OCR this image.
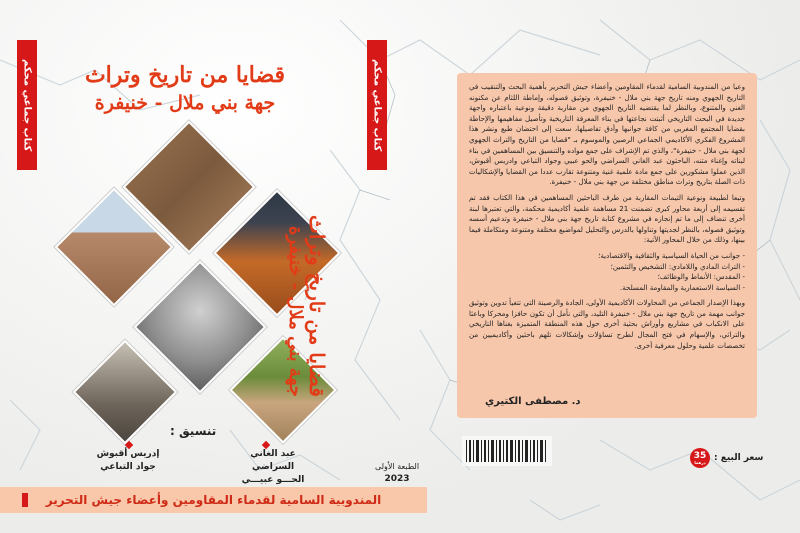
كتاب جماعي محكم	كتاب جماعي محكم
قضايا من تاريخ وتراث
جهة بني ملال - خنيفرة
قضايا من تاريخ وتراث
جهة بني ملال - خنيفرة
تنسيق :
عبد الغاني السراضي
الحـــو عبيـــي
إدريس أقبوش
جواد التباعي	الطبعة الأولى
2023
المندوبية السامية لقدماء المقاومين وأعضاء جيش التحرير

وعيا من المندوبية السامية لقدماء المقاومين وأعضاء جيش التحرير بأهمية البحث والتنقيب في التاريخ الجهوي ومنه تاريخ جهة بني ملال - خنيفرة، وتوثيق فصوله، وإماطة اللثام عن مكنونه الغني والمتنوع، وبالنظر لما يقتضيه التاريخ الجهوي من مقاربة دقيقة ونوعية باعتباره واجهة جديدة في البحث التاريخي أثبتت نجاعتها في بناء المعرفة التاريخية وتأصيل مفاهيمها والإحاطة بقضايا المجتمع المغربي من كافة جوانبها وأدق تفاصيلها، سعت إلى احتضان طبع ونشر هذا المشروع الفكري الأكاديمي الجماعي الرصين والموسوم بـ "قضايا من التاريخ والتراث الجهوي لجهة بني ملال - خنيفرة"، والذي تم الإشراف على جمع مواده والتنسيق بين المساهمين في بناء لبناته وإغناء متنه، الباحثون عبد الغاني السراضي والحو عبيي وجواد التباعي وادريس أقبوش، الذين عملوا مشكورين على جمع مادة علمية غنية ومتنوعة تقارب عددا من القضايا والإشكاليات ذات الصلة بتاريخ وتراث مناطق مختلفة من جهة بني ملال - خنيفرة.

وتبعا لطبيعة ونوعية التيمات المقاربة من طرف الباحثين المساهمين في هذا الكتاب فقد تم تقسيمه إلى أربعة محاور كبرى تضمنت 21 مساهمة علمية أكاديمية محكمة، والتي تعتبرها لبنة أخرى تنضاف إلى ما تم إنجازه في مشروع كتابة تاريخ جهة بني ملال - خنيفرة وتدعيم أسسه وتوثيق فصوله، بالنظر لجديتها وتناولها بالدرس والتحليل لمواضيع مختلفة ومتنوعة ومتكاملة فيما بينها، وذلك من خلال المحاور الآتية:

- جوانب من الحياة السياسية والثقافية والاقتصادية؛

- التراث المادي واللامادي: التشخيص والتثمين؛

- المقدس: الأنماط والوظائف؛

- السياسة الاستعمارية والمقاومة المسلحة.

وبهذا الإصدار الجماعي من المحاولات الأكاديمية الأولى، الجادة والرصينة التي تتغيأ تدوين وتوثيق جوانب مهمة من تاريخ جهة بني ملال - خنيفرة التليد، والتي نأمل أن تكون حافزا ومحركا وباعثا على الانكباب في مشاريع وأوراش بحثية أخرى حول هذه المنطقة المتميزة بغناها التاريخي والتراثي، والإسهام في فتح المجال لطرح تساؤلات وإشكالات تلهم باحثين وأكاديميين من تخصصات علمية وحلول معرفية أخرى.

د. مصطفى الكتيري
سعر البيع :
35
درهما
